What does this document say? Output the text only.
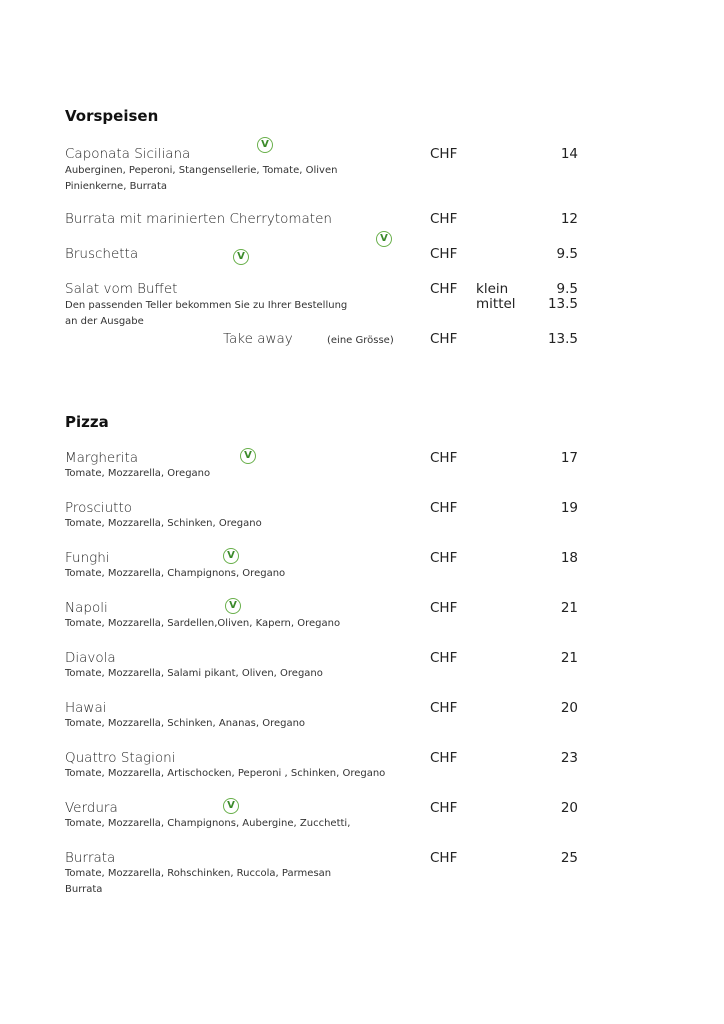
Vorspeisen
Caponata Siciliana
Auberginen, Peperoni, Stangensellerie, Tomate, Oliven
Pinienkerne, Burrata
CHF	14
Burrata mit marinierten Cherrytomaten	CHF	12
Bruschetta	CHF	9.5
Salat vom Buffet
Den passenden Teller bekommen Sie zu Ihrer Bestellung
an der Ausgabe
CHF klein	9.5
mittel 13.5
Take away	(eine Grösse)	CHF	13.5
V
V
V
Pizza
Margherita
Tomate, Mozzarella, Oregano
CHF	17
V
Prosciutto
Tomate, Mozzarella, Schinken, Oregano
CHF	19
Funghi
Tomate, Mozzarella, Champignons, Oregano
CHF	18
V
Napoli
Tomate, Mozzarella, Sardellen,Oliven, Kapern, Oregano
CHF	21
V
Diavola
Tomate, Mozzarella, Salami pikant, Oliven, Oregano
CHF	21
Hawai
Tomate, Mozzarella, Schinken, Ananas, Oregano
CHF	20
Quattro Stagioni
Tomate, Mozzarella, Artischocken, Peperoni , Schinken, Oregano
CHF	23
Verdura
Tomate, Mozzarella, Champignons, Aubergine, Zucchetti,
CHF	20
V
Burrata
Tomate, Mozzarella, Rohschinken, Ruccola, Parmesan
Burrata
CHF	25
